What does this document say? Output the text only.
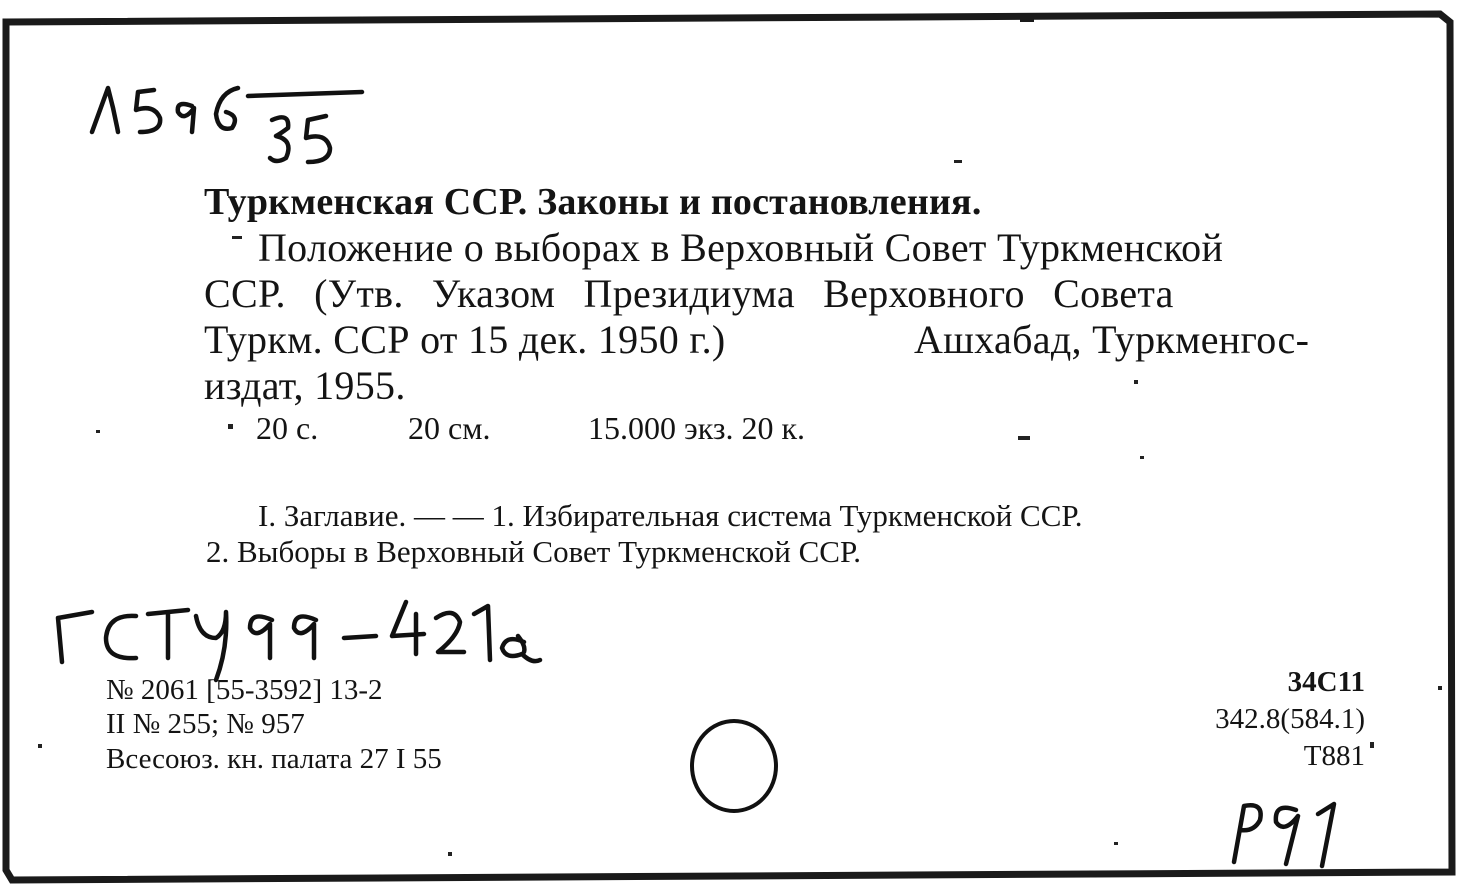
Туркменская ССР. Законы и постановления.
Положение о выборах в Верховный Совет Туркменской
ССР. (Утв. Указом Президиума Верховного Совета
Туркм. ССР от 15 дек. 1950 г.)	Ашхабад, Туркменгос-
издат, 1955.
20 с.	20 см.	15.000 экз. 20 к.
I. Заглавие. — — 1. Избирательная система Туркменской ССР.
2. Выборы в Верховный Совет Туркменской ССР.
№ 2061 [55-3592] 13-2
II № 255; № 957
Всесоюз. кн. палата 27 I 55
34С11
342.8(584.1)
Т881
